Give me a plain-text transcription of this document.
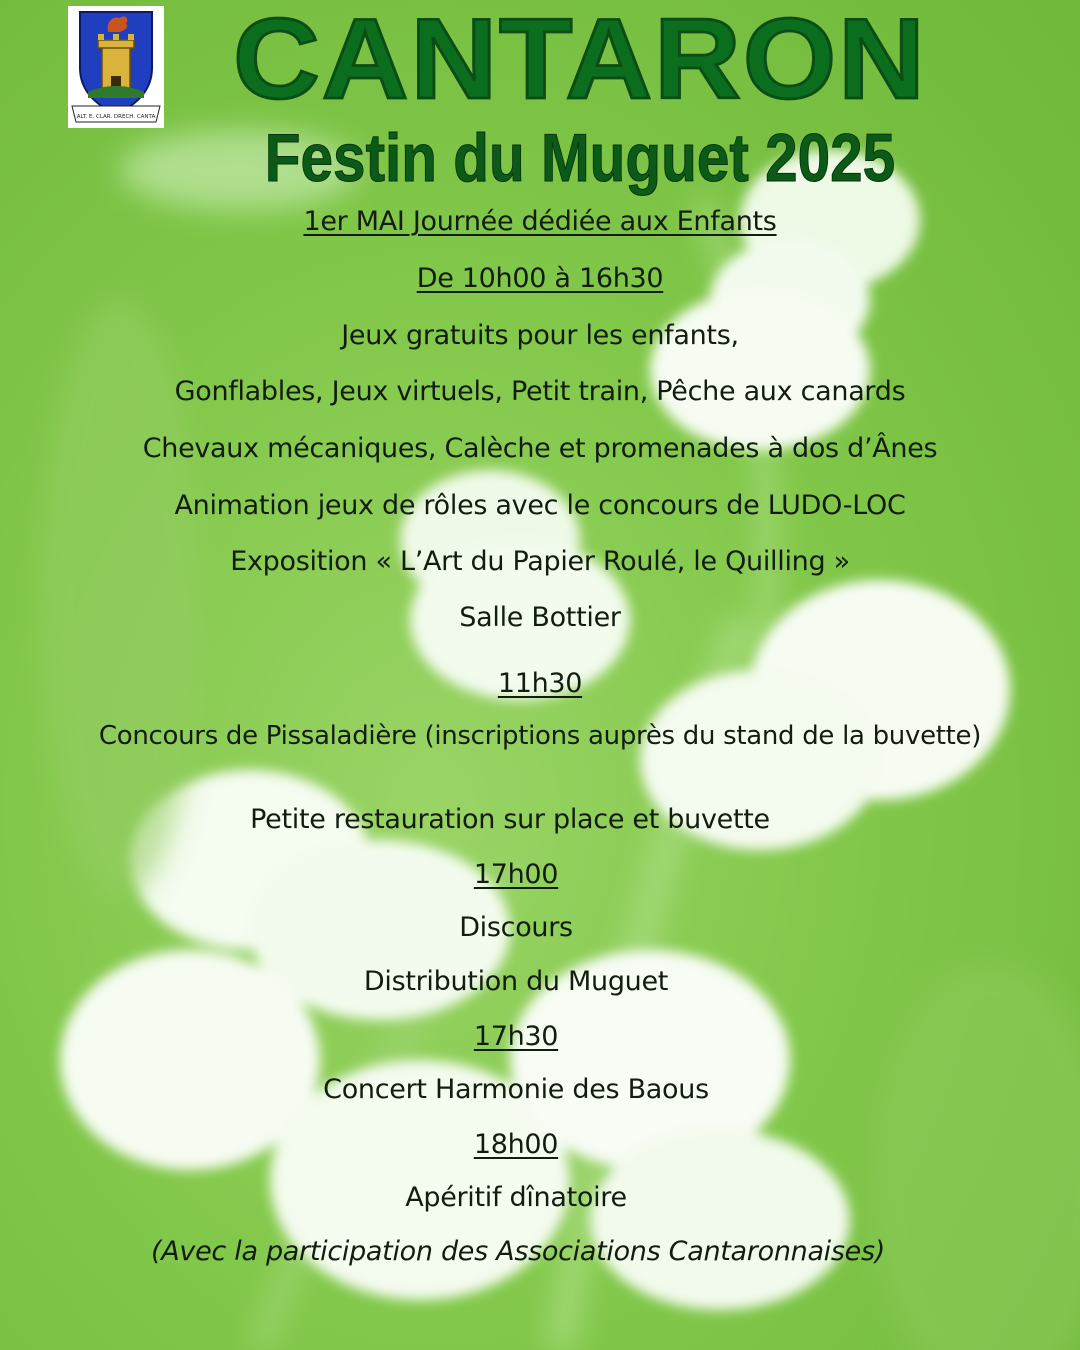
ALT. E. CLAR. DRECH. CANTA CANTARON
Festin du Muguet 2025
1er MAI Journée dédiée aux Enfants
De 10h00 à 16h30
Jeux gratuits pour les enfants,
Gonflables, Jeux virtuels, Petit train, Pêche aux canards
Chevaux mécaniques, Calèche et promenades à dos d’Ânes
Animation jeux de rôles avec le concours de LUDO-LOC
Exposition « L’Art du Papier Roulé, le Quilling »
Salle Bottier
11h30
Concours de Pissaladière (inscriptions auprès du stand de la buvette)
Petite restauration sur place et buvette
17h00
Discours
Distribution du Muguet
17h30
Concert Harmonie des Baous
18h00
Apéritif dînatoire
(Avec la participation des Associations Cantaronnaises)
